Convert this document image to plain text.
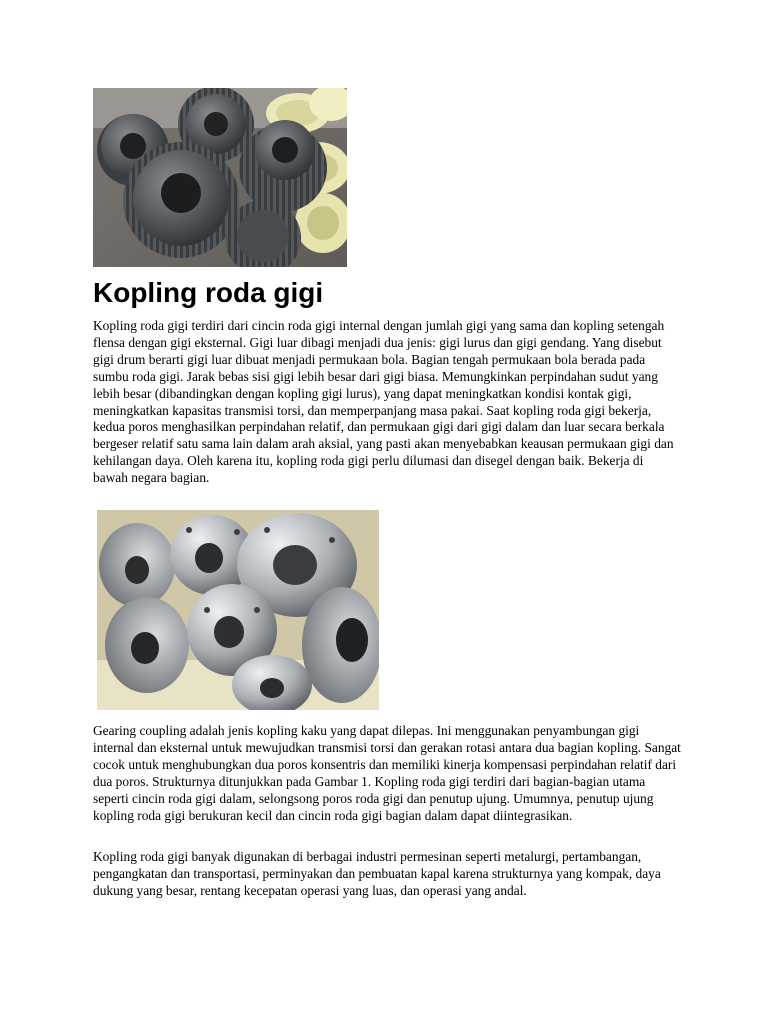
Kopling roda gigi

Kopling roda gigi terdiri dari cincin roda gigi internal dengan jumlah gigi yang sama dan kopling setengah flensa dengan gigi eksternal. Gigi luar dibagi menjadi dua jenis: gigi lurus dan gigi gendang. Yang disebut gigi drum berarti gigi luar dibuat menjadi permukaan bola. Bagian tengah permukaan bola berada pada sumbu roda gigi. Jarak bebas sisi gigi lebih besar dari gigi biasa. Memungkinkan perpindahan sudut yang lebih besar (dibandingkan dengan kopling gigi lurus), yang dapat meningkatkan kondisi kontak gigi, meningkatkan kapasitas transmisi torsi, dan memperpanjang masa pakai. Saat kopling roda gigi bekerja, kedua poros menghasilkan perpindahan relatif, dan permukaan gigi dari gigi dalam dan luar secara berkala bergeser relatif satu sama lain dalam arah aksial, yang pasti akan menyebabkan keausan permukaan gigi dan kehilangan daya. Oleh karena itu, kopling roda gigi perlu dilumasi dan disegel dengan baik. Bekerja di bawah negara bagian.

Gearing coupling adalah jenis kopling kaku yang dapat dilepas. Ini menggunakan penyambungan gigi internal dan eksternal untuk mewujudkan transmisi torsi dan gerakan rotasi antara dua bagian kopling. Sangat cocok untuk menghubungkan dua poros konsentris dan memiliki kinerja kompensasi perpindahan relatif dari dua poros. Strukturnya ditunjukkan pada Gambar 1. Kopling roda gigi terdiri dari bagian-bagian utama seperti cincin roda gigi dalam, selongsong poros roda gigi dan penutup ujung. Umumnya, penutup ujung kopling roda gigi berukuran kecil dan cincin roda gigi bagian dalam dapat diintegrasikan.

Kopling roda gigi banyak digunakan di berbagai industri permesinan seperti metalurgi, pertambangan, pengangkatan dan transportasi, perminyakan dan pembuatan kapal karena strukturnya yang kompak, daya dukung yang besar, rentang kecepatan operasi yang luas, dan operasi yang andal.
